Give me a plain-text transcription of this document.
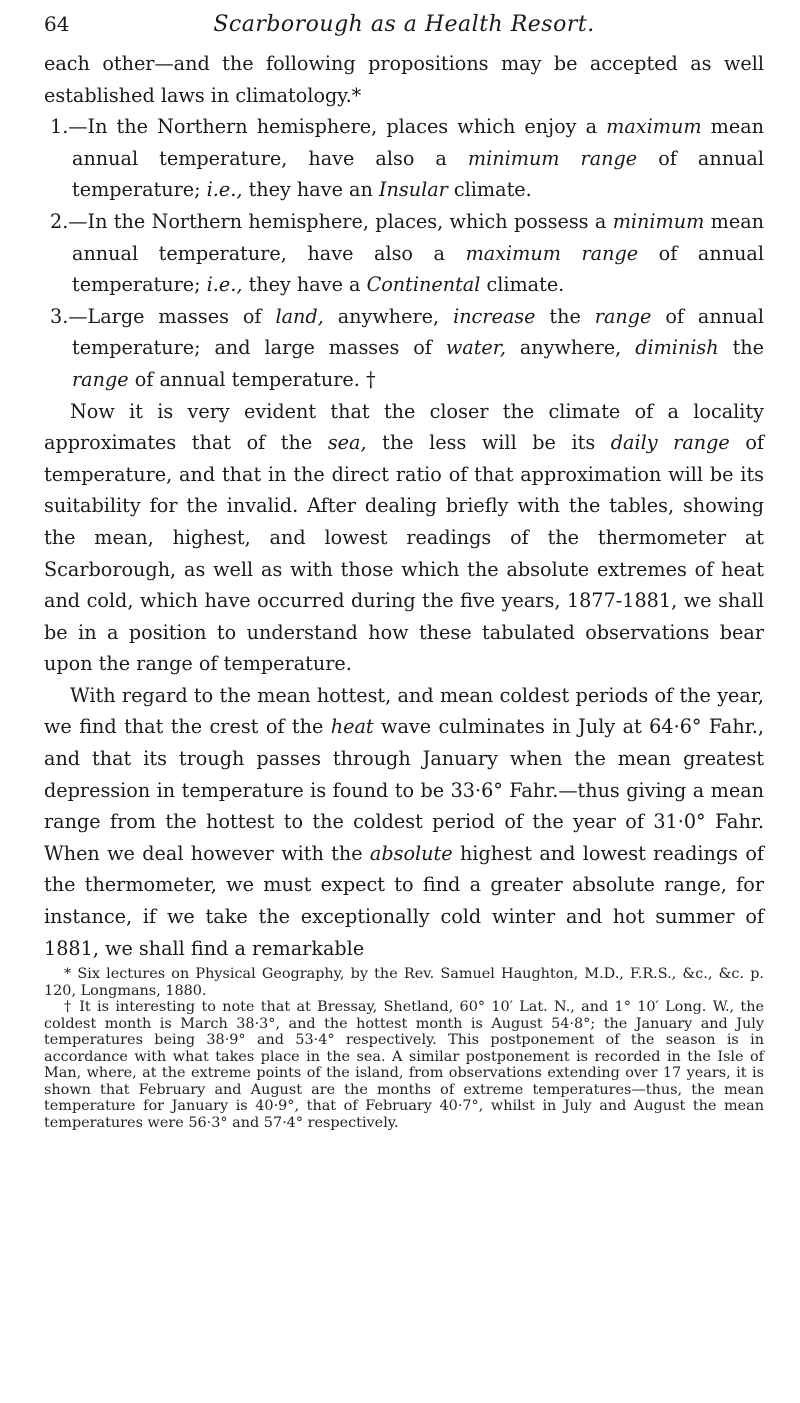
64	Scarborough as a Health Resort.

each other—and the following propositions may be accepted as well established laws in climatology.*

1.—In the Northern hemisphere, places which enjoy a maximum mean annual temperature, have also a minimum range of annual temperature; i.e., they have an Insular climate.

2.—In the Northern hemisphere, places, which possess a minimum mean annual temperature, have also a maximum range of annual temperature; i.e., they have a Continental climate.

3.—Large masses of land, anywhere, increase the range of annual temperature; and large masses of water, anywhere, diminish the range of annual temperature. †

Now it is very evident that the closer the climate of a locality approximates that of the sea, the less will be its daily range of temperature, and that in the direct ratio of that approximation will be its suitability for the invalid. After dealing briefly with the tables, showing the mean, highest, and lowest readings of the thermometer at Scarborough, as well as with those which the absolute extremes of heat and cold, which have occurred during the five years, 1877-1881, we shall be in a position to understand how these tabulated observations bear upon the range of temperature.

With regard to the mean hottest, and mean coldest periods of the year, we find that the crest of the heat wave culminates in July at 64·6° Fahr., and that its trough passes through January when the mean greatest depression in temperature is found to be 33·6° Fahr.—thus giving a mean range from the hottest to the coldest period of the year of 31·0° Fahr. When we deal however with the absolute highest and lowest readings of the thermometer, we must expect to find a greater absolute range, for instance, if we take the exceptionally cold winter and hot summer of 1881, we shall find a remarkable

* Six lectures on Physical Geography, by the Rev. Samuel Haughton, M.D., F.R.S., &c., &c. p. 120, Longmans, 1880.

† It is interesting to note that at Bressay, Shetland, 60° 10′ Lat. N., and 1° 10′ Long. W., the coldest month is March 38·3°, and the hottest month is August 54·8°; the January and July temperatures being 38·9° and 53·4° respectively. This postponement of the season is in accordance with what takes place in the sea. A similar postponement is recorded in the Isle of Man, where, at the extreme points of the island, from observations extending over 17 years, it is shown that February and August are the months of extreme temperatures—thus, the mean temperature for January is 40·9°, that of February 40·7°, whilst in July and August the mean temperatures were 56·3° and 57·4° respectively.
